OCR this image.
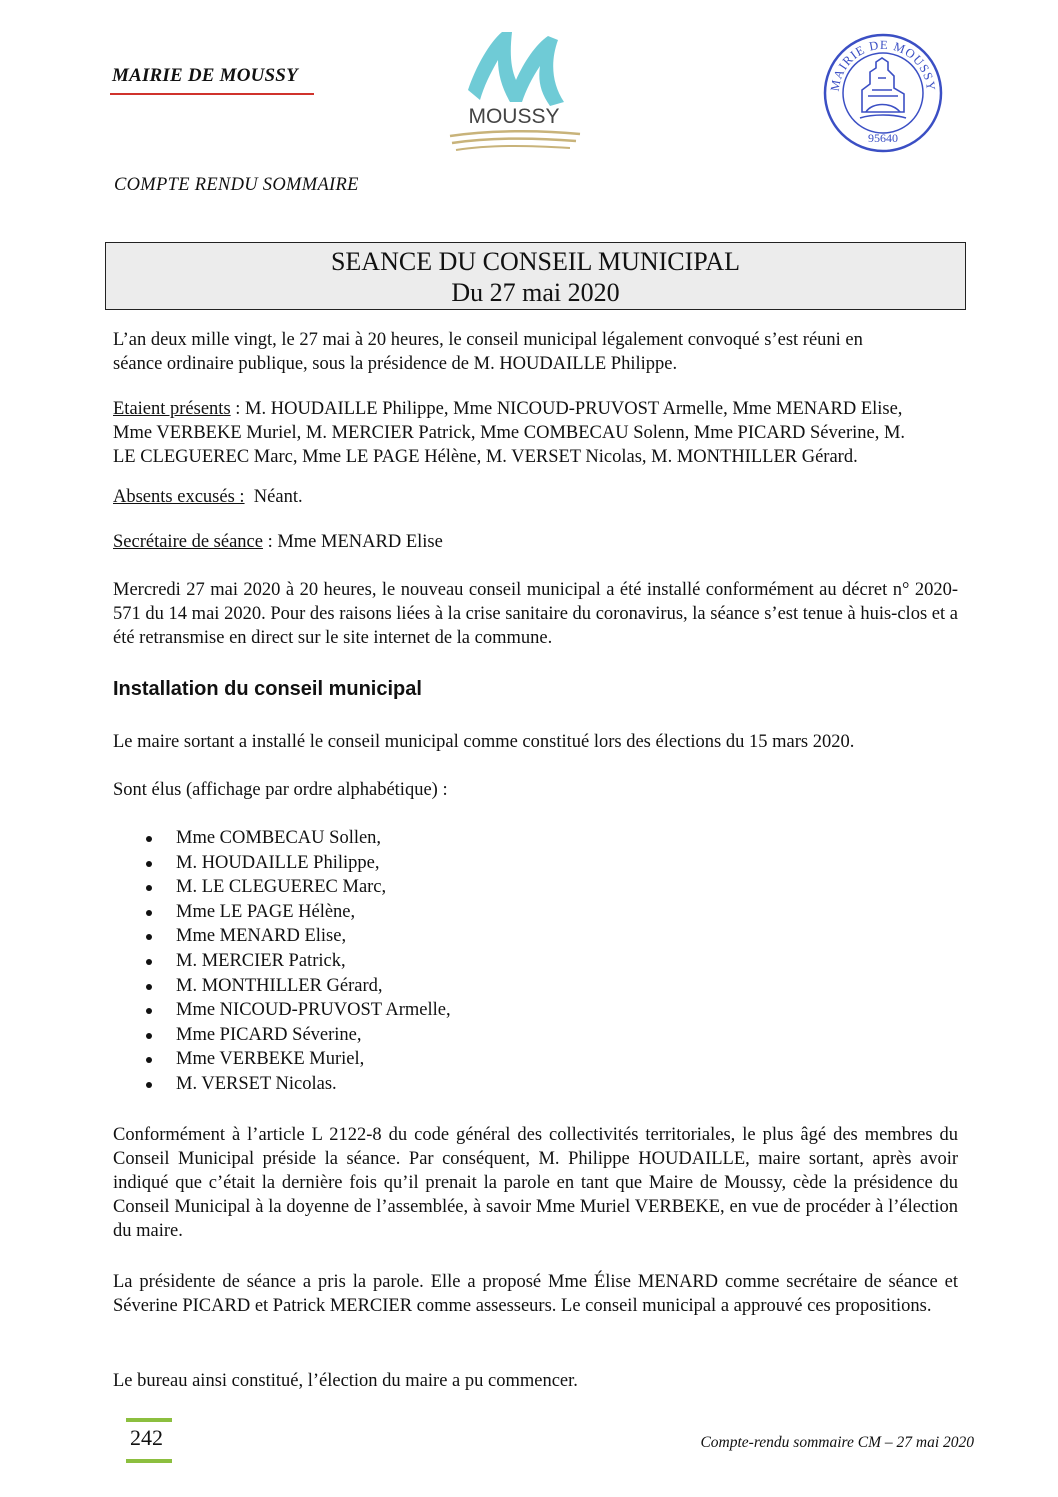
MAIRIE DE MOUSSY
MOUSSY
MAIRIE DE MOUSSY
95640
COMPTE RENDU SOMMAIRE
SEANCE DU CONSEIL MUNICIPAL
Du 27 mai 2020
L’an deux mille vingt, le 27 mai à 20 heures, le conseil municipal légalement convoqué s’est réuni en
séance ordinaire publique, sous la présidence de M. HOUDAILLE Philippe.
Etaient présents : M. HOUDAILLE Philippe, Mme NICOUD-PRUVOST Armelle, Mme MENARD Elise,
Mme VERBEKE Muriel, M. MERCIER Patrick, Mme COMBECAU Solenn, Mme PICARD Séverine, M.
LE CLEGUEREC Marc, Mme LE PAGE Hélène, M. VERSET Nicolas, M. MONTHILLER Gérard.
Absents excusés :  Néant.
Secrétaire de séance : Mme MENARD Elise
Mercredi 27 mai 2020 à 20 heures, le nouveau conseil municipal a été installé conformément au décret n° 2020-571 du 14 mai 2020. Pour des raisons liées à la crise sanitaire du coronavirus, la séance s’est tenue à huis-clos et a été retransmise en direct sur le site internet de la commune.
Installation du conseil municipal
Le maire sortant a installé le conseil municipal comme constitué lors des élections du 15 mars 2020.
Sont élus (affichage par ordre alphabétique) :
Mme COMBECAU Sollen,
M. HOUDAILLE Philippe,
M. LE CLEGUEREC Marc,
Mme LE PAGE Hélène,
Mme MENARD Elise,
M. MERCIER Patrick,
M. MONTHILLER Gérard,
Mme NICOUD-PRUVOST Armelle,
Mme PICARD Séverine,
Mme VERBEKE Muriel,
M. VERSET Nicolas.
Conformément à l’article L 2122-8 du code général des collectivités territoriales, le plus âgé des membres du Conseil Municipal préside la séance. Par conséquent, M. Philippe HOUDAILLE, maire sortant, après avoir indiqué que c’était la dernière fois qu’il prenait la parole en tant que Maire de Moussy, cède la présidence du Conseil Municipal à la doyenne de l’assemblée, à savoir Mme Muriel VERBEKE, en vue de procéder à l’élection du maire.
La présidente de séance a pris la parole. Elle a proposé Mme Élise MENARD comme secrétaire de séance et Séverine PICARD et Patrick MERCIER comme assesseurs. Le conseil municipal a approuvé ces propositions.
Le bureau ainsi constitué, l’élection du maire a pu commencer.
242	Compte-rendu sommaire CM – 27 mai 2020
